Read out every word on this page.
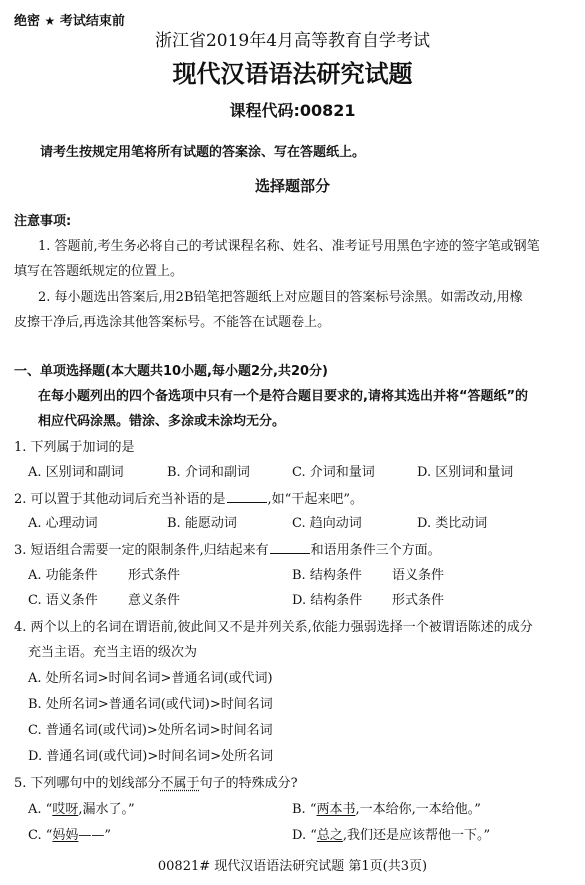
绝密 ★ 考试结束前
浙江省2019年4月高等教育自学考试
现代汉语语法研究试题
课程代码:00821
请考生按规定用笔将所有试题的答案涂、写在答题纸上。
选择题部分
注意事项:
1. 答题前,考生务必将自己的考试课程名称、姓名、准考证号用黑色字迹的签字笔或钢笔
填写在答题纸规定的位置上。
2. 每小题选出答案后,用2B铅笔把答题纸上对应题目的答案标号涂黑。如需改动,用橡
皮擦干净后,再选涂其他答案标号。不能答在试题卷上。
一、单项选择题(本大题共10小题,每小题2分,共20分)
在每小题列出的四个备选项中只有一个是符合题目要求的,请将其选出并将“答题纸”的
相应代码涂黑。错涂、多涂或未涂均无分。
1. 下列属于加词的是
A. 区别词和副词	B. 介词和副词	C. 介词和量词	D. 区别词和量词
2. 可以置于其他动词后充当补语的是	,如“干起来吧”。
A. 心理动词	B. 能愿动词	C. 趋向动词	D. 类比动词
3. 短语组合需要一定的限制条件,归结起来有	和语用条件三个方面。
A. 功能条件 形式条件	B. 结构条件 语义条件
C. 语义条件 意义条件	D. 结构条件 形式条件
4. 两个以上的名词在谓语前,彼此间又不是并列关系,依能力强弱选择一个被谓语陈述的成分
充当主语。充当主语的级次为
A. 处所名词>时间名词>普通名词(或代词)
B. 处所名词>普通名词(或代词)>时间名词
C. 普通名词(或代词)>处所名词>时间名词
D. 普通名词(或代词)>时间名词>处所名词
5. 下列哪句中的划线部分不属于句子的特殊成分?
A. “哎呀,漏水了。”	B. “两本书,一本给你,一本给他。”
C. “妈妈——”	D. “总之,我们还是应该帮他一下。”
00821# 现代汉语语法研究试题 第1页(共3页)
